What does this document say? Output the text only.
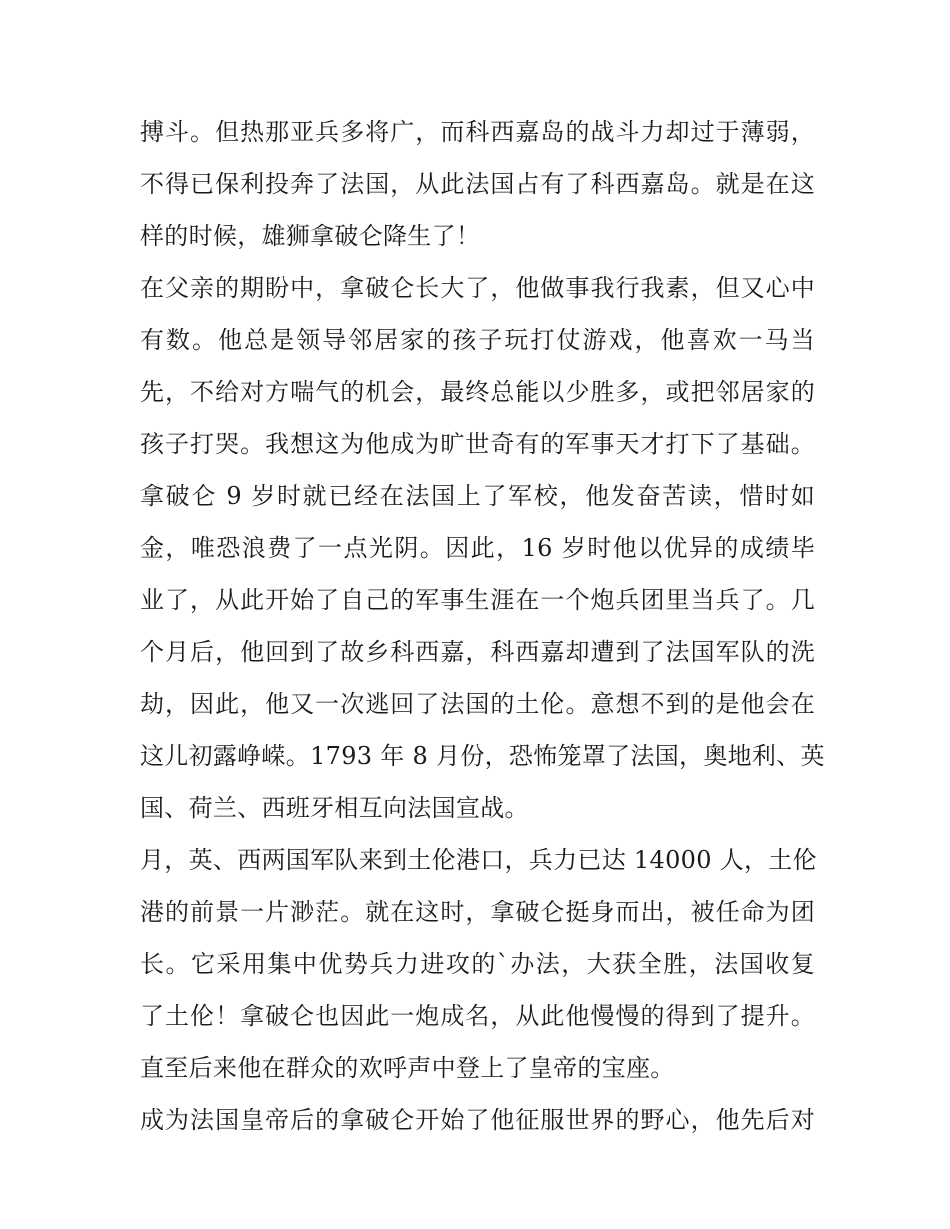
搏斗。但热那亚兵多将广，而科西嘉岛的战斗力却过于薄弱，
不得已保利投奔了法国，从此法国占有了科西嘉岛。就是在这
样的时候，雄狮拿破仑降生了！
在父亲的期盼中，拿破仑长大了，他做事我行我素，但又心中
有数。他总是领导邻居家的孩子玩打仗游戏，他喜欢一马当
先，不给对方喘气的机会，最终总能以少胜多，或把邻居家的
孩子打哭。我想这为他成为旷世奇有的军事天才打下了基础。
拿破仑 9 岁时就已经在法国上了军校，他发奋苦读，惜时如
金，唯恐浪费了一点光阴。因此，16 岁时他以优异的成绩毕
业了，从此开始了自己的军事生涯在一个炮兵团里当兵了。几
个月后，他回到了故乡科西嘉，科西嘉却遭到了法国军队的洗
劫，因此，他又一次逃回了法国的土伦。意想不到的是他会在
这儿初露峥嵘。1793 年 8 月份，恐怖笼罩了法国，奥地利、英
国、荷兰、西班牙相互向法国宣战。
月，英、西两国军队来到土伦港口，兵力已达 14000 人，土伦
港的前景一片渺茫。就在这时，拿破仑挺身而出，被任命为团
长。它采用集中优势兵力进攻的`办法，大获全胜，法国收复
了土伦！拿破仑也因此一炮成名，从此他慢慢的得到了提升。
直至后来他在群众的欢呼声中登上了皇帝的宝座。
成为法国皇帝后的拿破仑开始了他征服世界的野心，他先后对
